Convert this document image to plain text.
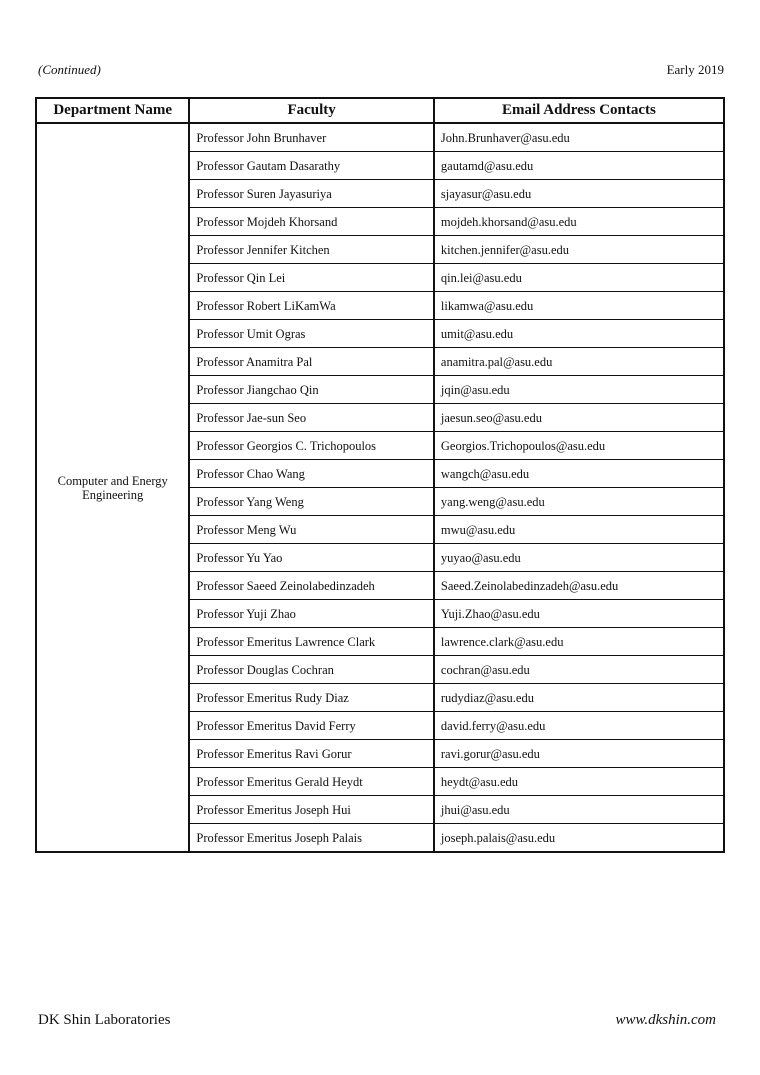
(Continued)	Early 2019
Department Name	Faculty	Email Address Contacts
Computer and Energy Engineering	Professor John Brunhaver	John.Brunhaver@asu.edu
	Professor Gautam Dasarathy	gautamd@asu.edu
	Professor Suren Jayasuriya	sjayasur@asu.edu
	Professor Mojdeh Khorsand	mojdeh.khorsand@asu.edu
	Professor Jennifer Kitchen	kitchen.jennifer@asu.edu
	Professor Qin Lei	qin.lei@asu.edu
	Professor Robert LiKamWa	likamwa@asu.edu
	Professor Umit Ogras	umit@asu.edu
	Professor Anamitra Pal	anamitra.pal@asu.edu
	Professor Jiangchao Qin	jqin@asu.edu
	Professor Jae-sun Seo	jaesun.seo@asu.edu
	Professor Georgios C. Trichopoulos	Georgios.Trichopoulos@asu.edu
	Professor Chao Wang	wangch@asu.edu
	Professor Yang Weng	yang.weng@asu.edu
	Professor Meng Wu	mwu@asu.edu
	Professor Yu Yao	yuyao@asu.edu
	Professor Saeed Zeinolabedinzadeh	Saeed.Zeinolabedinzadeh@asu.edu
	Professor Yuji Zhao	Yuji.Zhao@asu.edu
	Professor Emeritus Lawrence Clark	lawrence.clark@asu.edu
	Professor Douglas Cochran	cochran@asu.edu
	Professor Emeritus Rudy Diaz	rudydiaz@asu.edu
	Professor Emeritus David Ferry	david.ferry@asu.edu
	Professor Emeritus Ravi Gorur	ravi.gorur@asu.edu
	Professor Emeritus Gerald Heydt	heydt@asu.edu
	Professor Emeritus Joseph Hui	jhui@asu.edu
	Professor Emeritus Joseph Palais	joseph.palais@asu.edu
DK Shin Laboratories	www.dkshin.com
